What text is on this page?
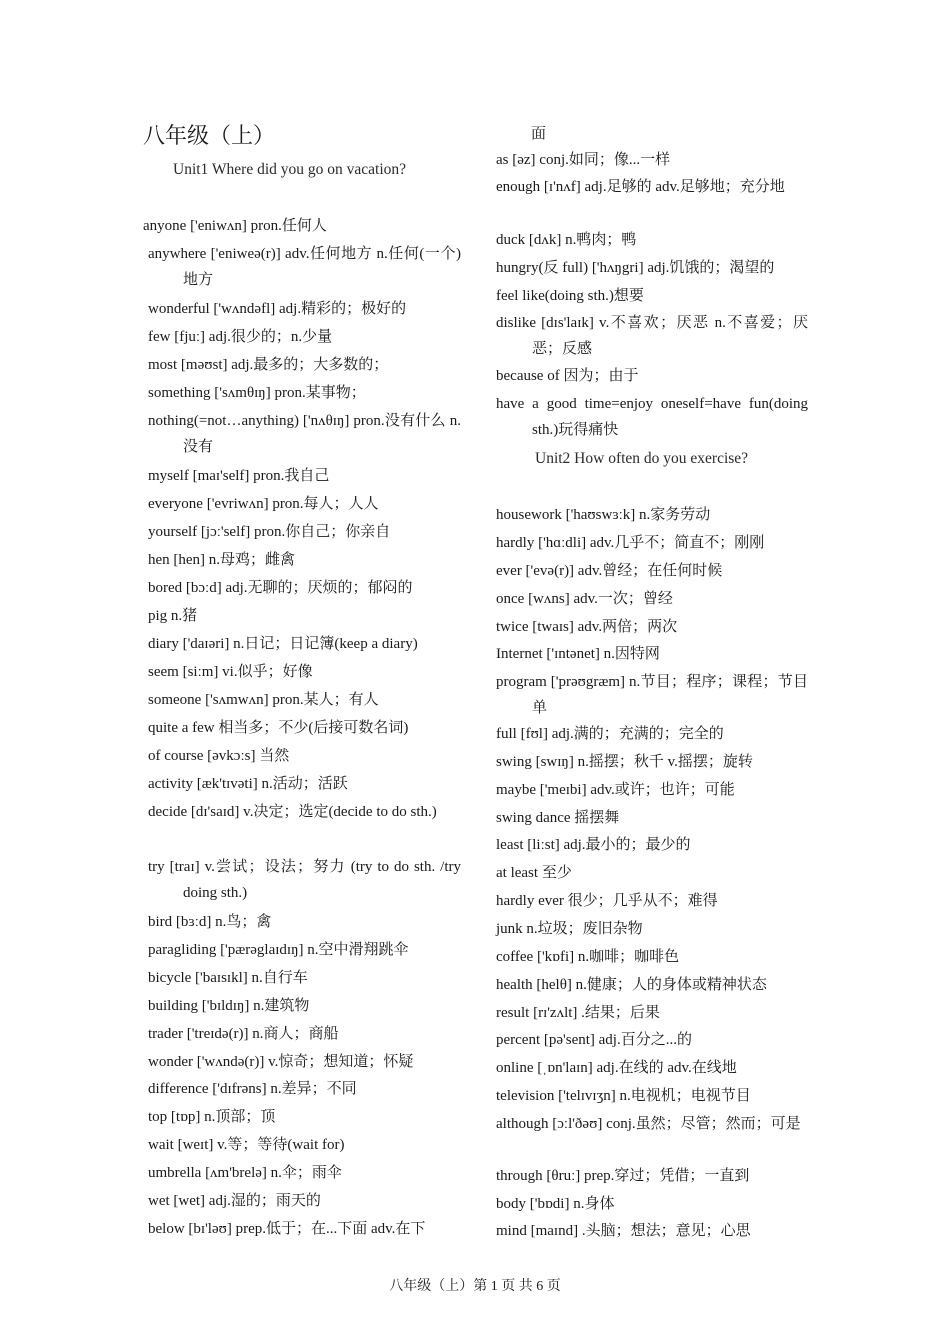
八年级（上）
Unit1 Where did you go on vacation?
Unit2 How often do you exercise?
anyone ['eniwʌn] pron.任何人
anywhere ['eniweə(r)] adv.任何地方 n.任何(一个)地方
wonderful ['wʌndəfl] adj.精彩的；极好的
few [fjuː] adj.很少的；n.少量
most [məʊst] adj.最多的；大多数的；
something ['sʌmθɪŋ] pron.某事物；
nothing(=not…anything) ['nʌθɪŋ] pron.没有什么 n.没有
myself [maɪ'self] pron.我自己
everyone ['evriwʌn] pron.每人；人人
yourself [jɔː'self] pron.你自己；你亲自
hen [hen] n.母鸡；雌禽
bored [bɔːd] adj.无聊的；厌烦的；郁闷的
pig n.猪
diary ['daɪəri] n.日记；日记簿(keep a diary)
seem [siːm] vi.似乎；好像
someone ['sʌmwʌn] pron.某人；有人
quite a few 相当多；不少(后接可数名词)
of course [əvkɔːs] 当然
activity [æk'tɪvəti] n.活动；活跃
decide [dɪ'saɪd] v.决定；选定(decide to do sth.)
try [traɪ] v.尝试；设法；努力 (try to do sth. /try doing sth.)
bird [bɜːd] n.鸟；禽
paragliding ['pærəglaɪdɪŋ] n.空中滑翔跳伞
bicycle ['baɪsɪkl] n.自行车
building ['bɪldɪŋ] n.建筑物
trader ['treɪdə(r)] n.商人；商船
wonder ['wʌndə(r)] v.惊奇；想知道；怀疑
difference ['dɪfrəns] n.差异；不同
top [tɒp] n.顶部；顶
wait [weɪt] v.等；等待(wait for)
umbrella [ʌm'brelə] n.伞；雨伞
wet [wet] adj.湿的；雨天的
below [bɪ'ləʊ] prep.低于；在...下面 adv.在下
面
as [əz] conj.如同；像...一样
enough [ɪ'nʌf] adj.足够的 adv.足够地；充分地
duck [dʌk] n.鸭肉；鸭
hungry(反 full) ['hʌŋgri] adj.饥饿的；渴望的
feel like(doing sth.)想要
dislike [dɪs'laɪk] v.不喜欢；厌恶 n.不喜爱；厌恶；反感
because of 因为；由于
have a good time=enjoy oneself=have fun(doing sth.)玩得痛快
housework ['haʊswɜːk] n.家务劳动
hardly ['hɑːdli] adv.几乎不；简直不；刚刚
ever ['evə(r)] adv.曾经；在任何时候
once [wʌns] adv.一次；曾经
twice [twaɪs] adv.两倍；两次
Internet ['ɪntənet] n.因特网
program ['prəʊgræm] n.节目；程序；课程；节目单
full [fʊl] adj.满的；充满的；完全的
swing [swɪŋ] n.摇摆；秋千 v.摇摆；旋转
maybe ['meɪbi] adv.或许；也许；可能
swing dance 摇摆舞
least [liːst] adj.最小的；最少的
at least 至少
hardly ever 很少；几乎从不；难得
junk n.垃圾；废旧杂物
coffee ['kɒfi] n.咖啡；咖啡色
health [helθ] n.健康；人的身体或精神状态
result [rɪ'zʌlt] .结果；后果
percent [pə'sent] adj.百分之...的
online [ˌɒn'laɪn] adj.在线的 adv.在线地
television ['telɪvɪʒn] n.电视机；电视节目
although [ɔːl'ðəʊ] conj.虽然；尽管；然而；可是
through [θruː] prep.穿过；凭借；一直到
body ['bɒdi] n.身体
mind [maɪnd] .头脑；想法；意见；心思
八年级（上）第 1 页 共 6 页
